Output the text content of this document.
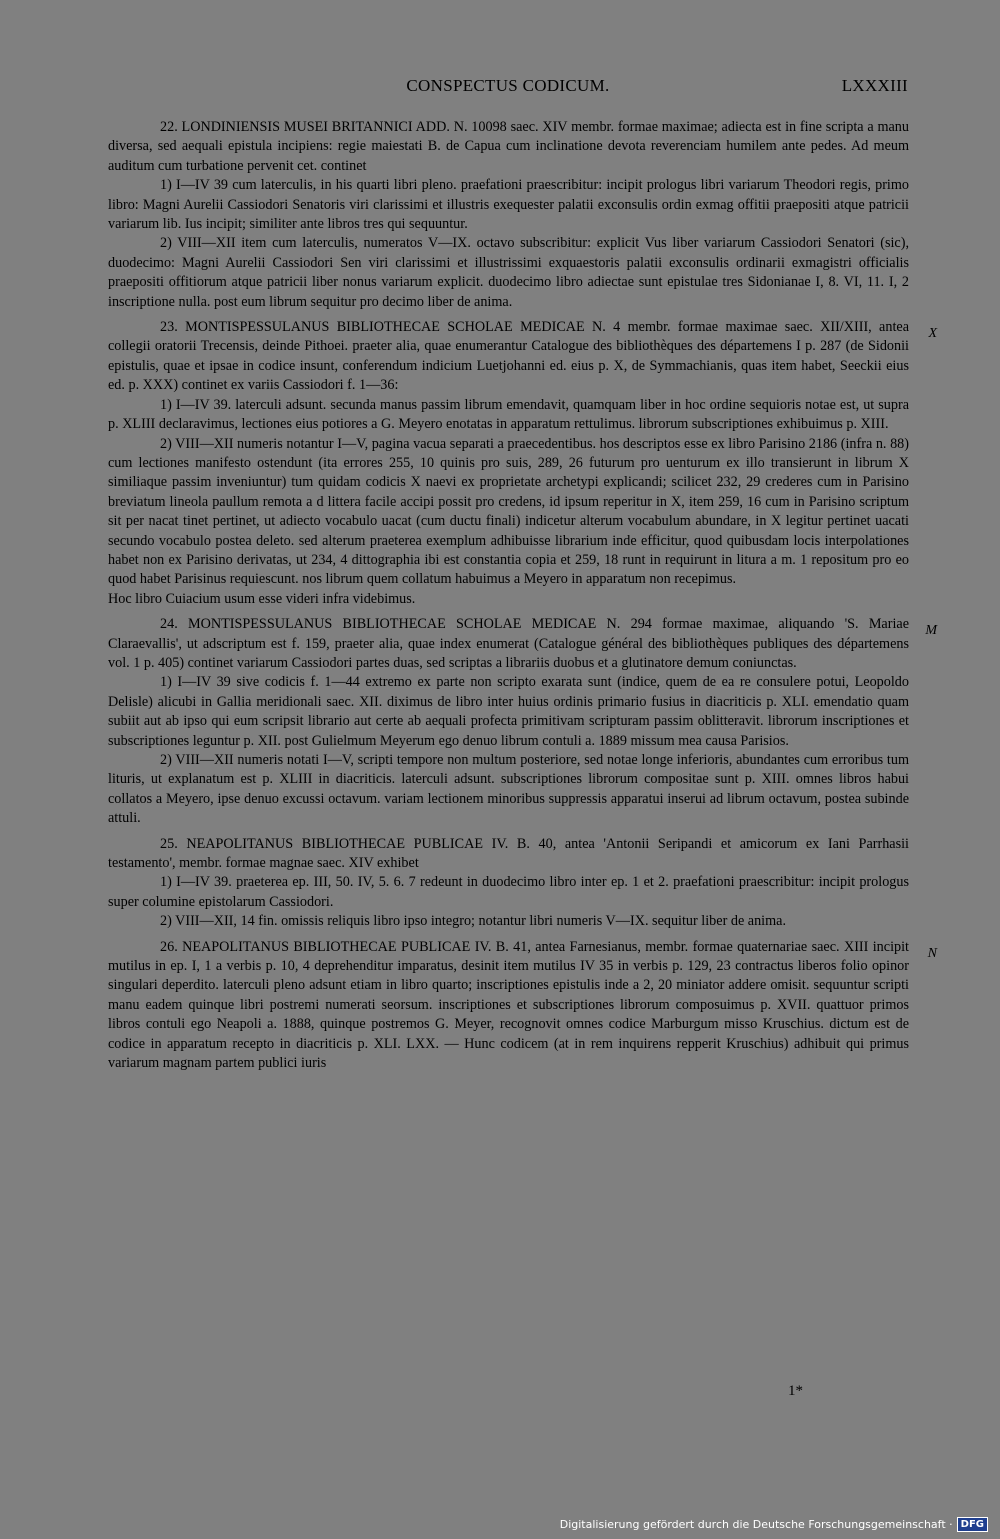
CONSPECTUS CODICUM.	LXXXIII

22. LONDINIENSIS MUSEI BRITANNICI ADD. N. 10098 saec. XIV membr. formae maximae; adiecta est in fine scripta a manu diversa, sed aequali epistula incipiens: regie maiestati B. de Capua cum inclinatione devota reverenciam humilem ante pedes. Ad meum auditum cum turbatione pervenit cet. continet

1) I—IV 39 cum laterculis, in his quarti libri pleno. praefationi praescribitur: incipit prologus libri variarum Theodori regis, primo libro: Magni Aurelii Cassiodori Senatoris viri clarissimi et illustris exequester palatii exconsulis ordin exmag offitii praepositi atque patricii variarum lib. Ius incipit; similiter ante libros tres qui sequuntur.

2) VIII—XII item cum laterculis, numeratos V—IX. octavo subscribitur: explicit Vus liber variarum Cassiodori Senatori (sic), duodecimo: Magni Aurelii Cassiodori Sen viri clarissimi et illustrissimi exquaestoris palatii exconsulis ordinarii exmagistri officialis praepositi offitiorum atque patricii liber nonus variarum explicit. duodecimo libro adiectae sunt epistulae tres Sidonianae I, 8. VI, 11. I, 2 inscriptione nulla. post eum librum sequitur pro decimo liber de anima.

X

23. MONTISPESSULANUS BIBLIOTHECAE SCHOLAE MEDICAE N. 4 membr. formae maximae saec. XII/XIII, antea collegii oratorii Trecensis, deinde Pithoei. praeter alia, quae enumerantur Catalogue des bibliothèques des départemens I p. 287 (de Sidonii epistulis, quae et ipsae in codice insunt, conferendum indicium Luetjohanni ed. eius p. X, de Symmachianis, quas item habet, Seeckii eius ed. p. XXX) continet ex variis Cassiodori f. 1—36:

1) I—IV 39. laterculi adsunt. secunda manus passim librum emendavit, quamquam liber in hoc ordine sequioris notae est, ut supra p. XLIII declaravimus, lectiones eius potiores a G. Meyero enotatas in apparatum rettulimus. librorum subscriptiones exhibuimus p. XIII.

2) VIII—XII numeris notantur I—V, pagina vacua separati a praecedentibus. hos descriptos esse ex libro Parisino 2186 (infra n. 88) cum lectiones manifesto ostendunt (ita errores 255, 10 quinis pro suis, 289, 26 futurum pro uenturum ex illo transierunt in librum X similiaque passim inveniuntur) tum quidam codicis X naevi ex proprietate archetypi explicandi; scilicet 232, 29 crederes cum in Parisino breviatum lineola paullum remota a d littera facile accipi possit pro credens, id ipsum reperitur in X, item 259, 16 cum in Parisino scriptum sit per nacat tinet pertinet, ut adiecto vocabulo uacat (cum ductu finali) indicetur alterum vocabulum abundare, in X legitur pertinet uacati secundo vocabulo postea deleto. sed alterum praeterea exemplum adhibuisse librarium inde efficitur, quod quibusdam locis interpolationes habet non ex Parisino derivatas, ut 234, 4 dittographia ibi est constantia copia et 259, 18 runt in requirunt in litura a m. 1 repositum pro eo quod habet Parisinus requiescunt. nos librum quem collatum habuimus a Meyero in apparatum non recepimus.

Hoc libro Cuiacium usum esse videri infra videbimus.

M

24. MONTISPESSULANUS BIBLIOTHECAE SCHOLAE MEDICAE N. 294 formae maximae, aliquando 'S. Mariae Claraevallis', ut adscriptum est f. 159, praeter alia, quae index enumerat (Catalogue général des bibliothèques publiques des départemens vol. 1 p. 405) continet variarum Cassiodori partes duas, sed scriptas a librariis duobus et a glutinatore demum coniunctas.

1) I—IV 39 sive codicis f. 1—44 extremo ex parte non scripto exarata sunt (indice, quem de ea re consulere potui, Leopoldo Delisle) alicubi in Gallia meridionali saec. XII. diximus de libro inter huius ordinis primario fusius in diacriticis p. XLI. emendatio quam subiit aut ab ipso qui eum scripsit librario aut certe ab aequali profecta primitivam scripturam passim oblitteravit. librorum inscriptiones et subscriptiones leguntur p. XII. post Gulielmum Meyerum ego denuo librum contuli a. 1889 missum mea causa Parisios.

2) VIII—XII numeris notati I—V, scripti tempore non multum posteriore, sed notae longe inferioris, abundantes cum erroribus tum lituris, ut explanatum est p. XLIII in diacriticis. laterculi adsunt. subscriptiones librorum compositae sunt p. XIII. omnes libros habui collatos a Meyero, ipse denuo excussi octavum. variam lectionem minoribus suppressis apparatui inserui ad librum octavum, postea subinde attuli.

25. NEAPOLITANUS BIBLIOTHECAE PUBLICAE IV. B. 40, antea 'Antonii Seripandi et amicorum ex Iani Parrhasii testamento', membr. formae magnae saec. XIV exhibet

1) I—IV 39. praeterea ep. III, 50. IV, 5. 6. 7 redeunt in duodecimo libro inter ep. 1 et 2. praefationi praescribitur: incipit prologus super columine epistolarum Cassiodori.

2) VIII—XII, 14 fin. omissis reliquis libro ipso integro; notantur libri numeris V—IX. sequitur liber de anima.

N

26. NEAPOLITANUS BIBLIOTHECAE PUBLICAE IV. B. 41, antea Farnesianus, membr. formae quaternariae saec. XIII incipit mutilus in ep. I, 1 a verbis p. 10, 4 deprehenditur imparatus, desinit item mutilus IV 35 in verbis p. 129, 23 contractus liberos folio opinor singulari deperdito. laterculi pleno adsunt etiam in libro quarto; inscriptiones epistulis inde a 2, 20 miniator addere omisit. sequuntur scripti manu eadem quinque libri postremi numerati seorsum. inscriptiones et subscriptiones librorum composuimus p. XVII. quattuor primos libros contuli ego Neapoli a. 1888, quinque postremos G. Meyer, recognovit omnes codice Marburgum misso Kruschius. dictum est de codice in apparatum recepto in diacriticis p. XLI. LXX. — Hunc codicem (at in rem inquirens repperit Kruschius) adhibuit qui primus variarum magnam partem publici iuris

1*
Digitalisierung gefördert durch die Deutsche Forschungsgemeinschaft · DFG
